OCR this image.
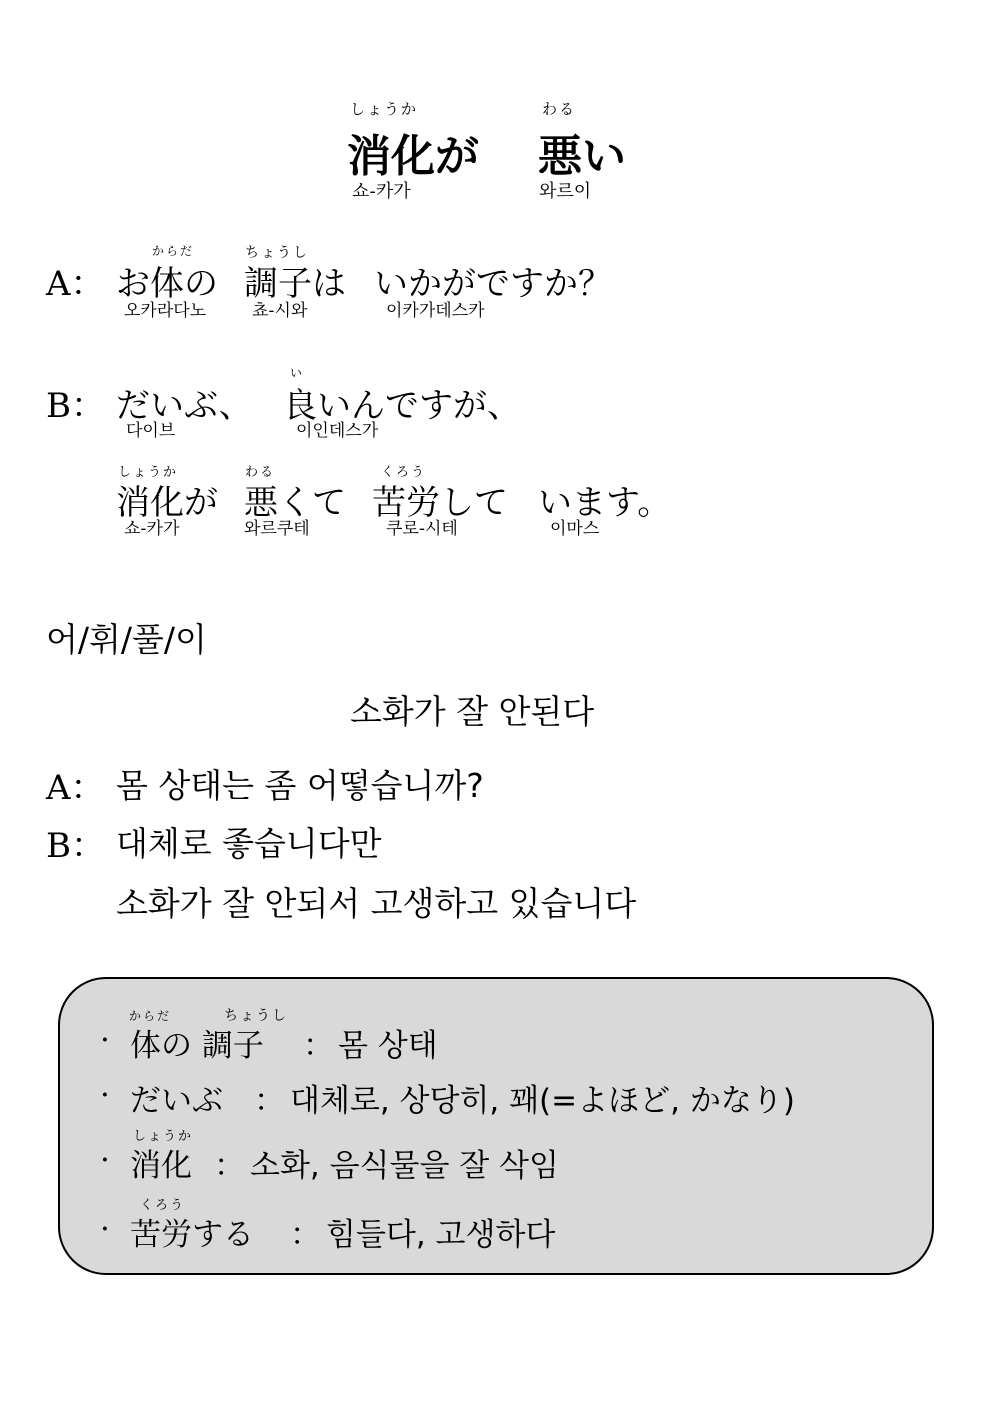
しょうか	わる
消化が 悪い
쇼-카가	와르이
からだ	ちょうし
A： お体の 調子は いかがですか？
오카라다노	쵸-시와	이카가데스카
い
B： だいぶ、 良いんですが、
다이브	이인데스가
しょうか	わる	くろう
消化が 悪くて 苦労して います。
쇼-카가	와르쿠테	쿠로-시테	이마스
어/휘/풀/이
소화가 잘 안된다
A： 몸 상태는 좀 어떻습니까?
B： 대체로 좋습니다만
소화가 잘 안되서 고생하고 있습니다
からだ	ちょうし
· 体の 調子 ： 몸 상태
· だいぶ ： 대체로, 상당히, 꽤(=よほど, かなり)
しょうか
· 消化 ： 소화, 음식물을 잘 삭임
くろう
· 苦労する ： 힘들다, 고생하다
